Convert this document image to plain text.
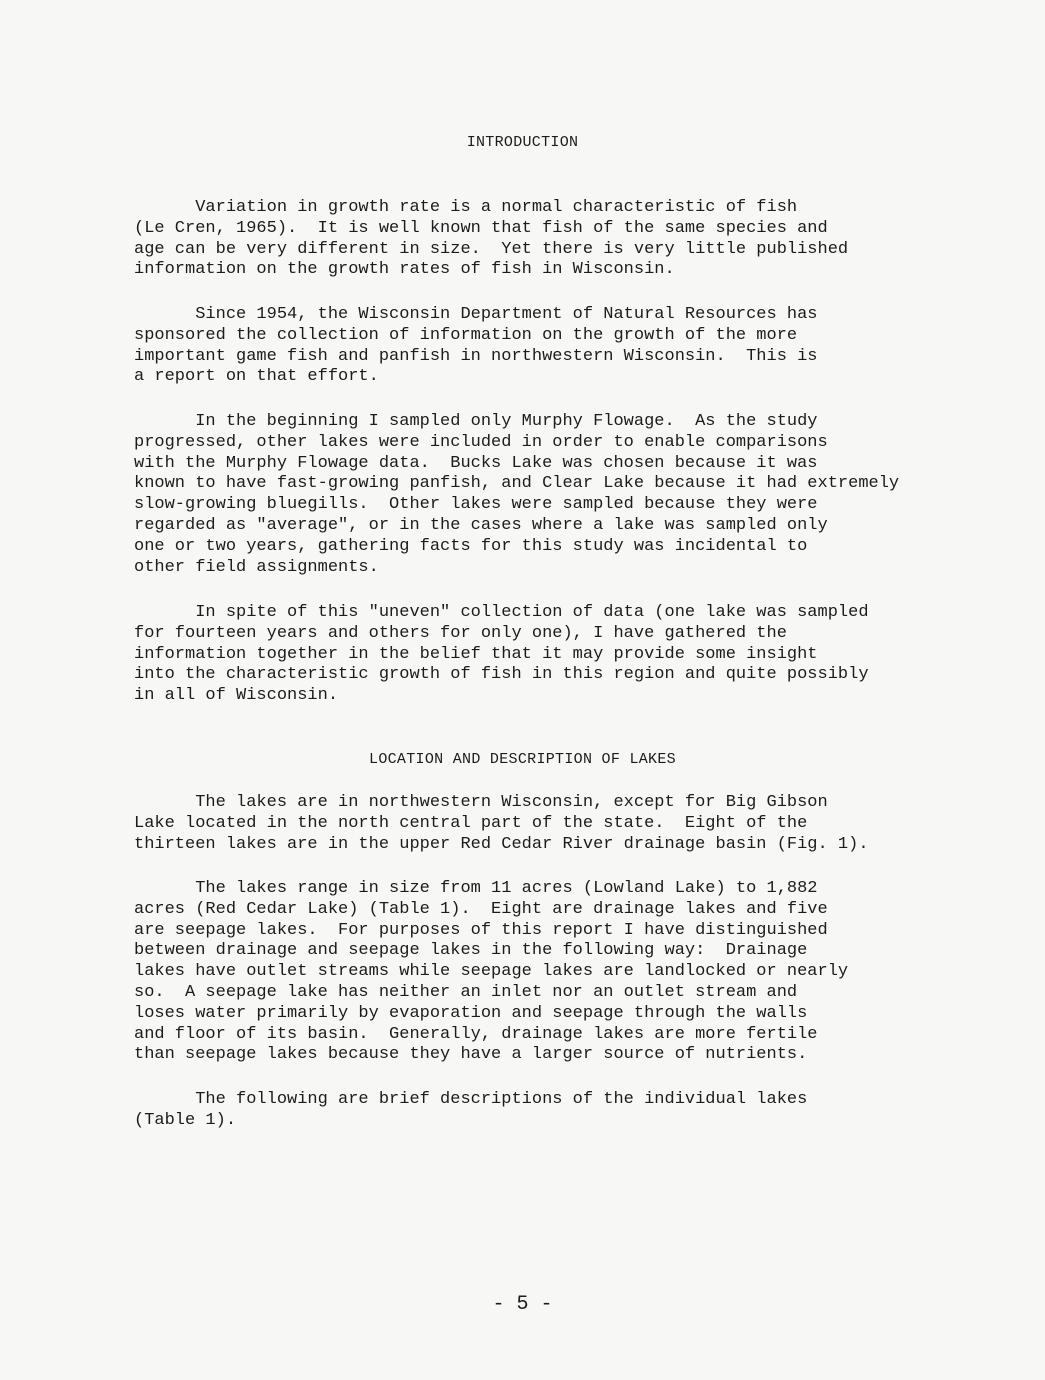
INTRODUCTION

Variation in growth rate is a normal characteristic of fish
(Le Cren, 1965).  It is well known that fish of the same species and
age can be very different in size.  Yet there is very little published
information on the growth rates of fish in Wisconsin.

Since 1954, the Wisconsin Department of Natural Resources has
sponsored the collection of information on the growth of the more
important game fish and panfish in northwestern Wisconsin.  This is
a report on that effort.

In the beginning I sampled only Murphy Flowage.  As the study
progressed, other lakes were included in order to enable comparisons
with the Murphy Flowage data.  Bucks Lake was chosen because it was
known to have fast-growing panfish, and Clear Lake because it had extremely
slow-growing bluegills.  Other lakes were sampled because they were
regarded as "average", or in the cases where a lake was sampled only
one or two years, gathering facts for this study was incidental to
other field assignments.

In spite of this "uneven" collection of data (one lake was sampled
for fourteen years and others for only one), I have gathered the
information together in the belief that it may provide some insight
into the characteristic growth of fish in this region and quite possibly
in all of Wisconsin.

LOCATION AND DESCRIPTION OF LAKES

The lakes are in northwestern Wisconsin, except for Big Gibson
Lake located in the north central part of the state.  Eight of the
thirteen lakes are in the upper Red Cedar River drainage basin (Fig. 1).

The lakes range in size from 11 acres (Lowland Lake) to 1,882
acres (Red Cedar Lake) (Table 1).  Eight are drainage lakes and five
are seepage lakes.  For purposes of this report I have distinguished
between drainage and seepage lakes in the following way:  Drainage
lakes have outlet streams while seepage lakes are landlocked or nearly
so.  A seepage lake has neither an inlet nor an outlet stream and
loses water primarily by evaporation and seepage through the walls
and floor of its basin.  Generally, drainage lakes are more fertile
than seepage lakes because they have a larger source of nutrients.

The following are brief descriptions of the individual lakes
(Table 1).

- 5 -
